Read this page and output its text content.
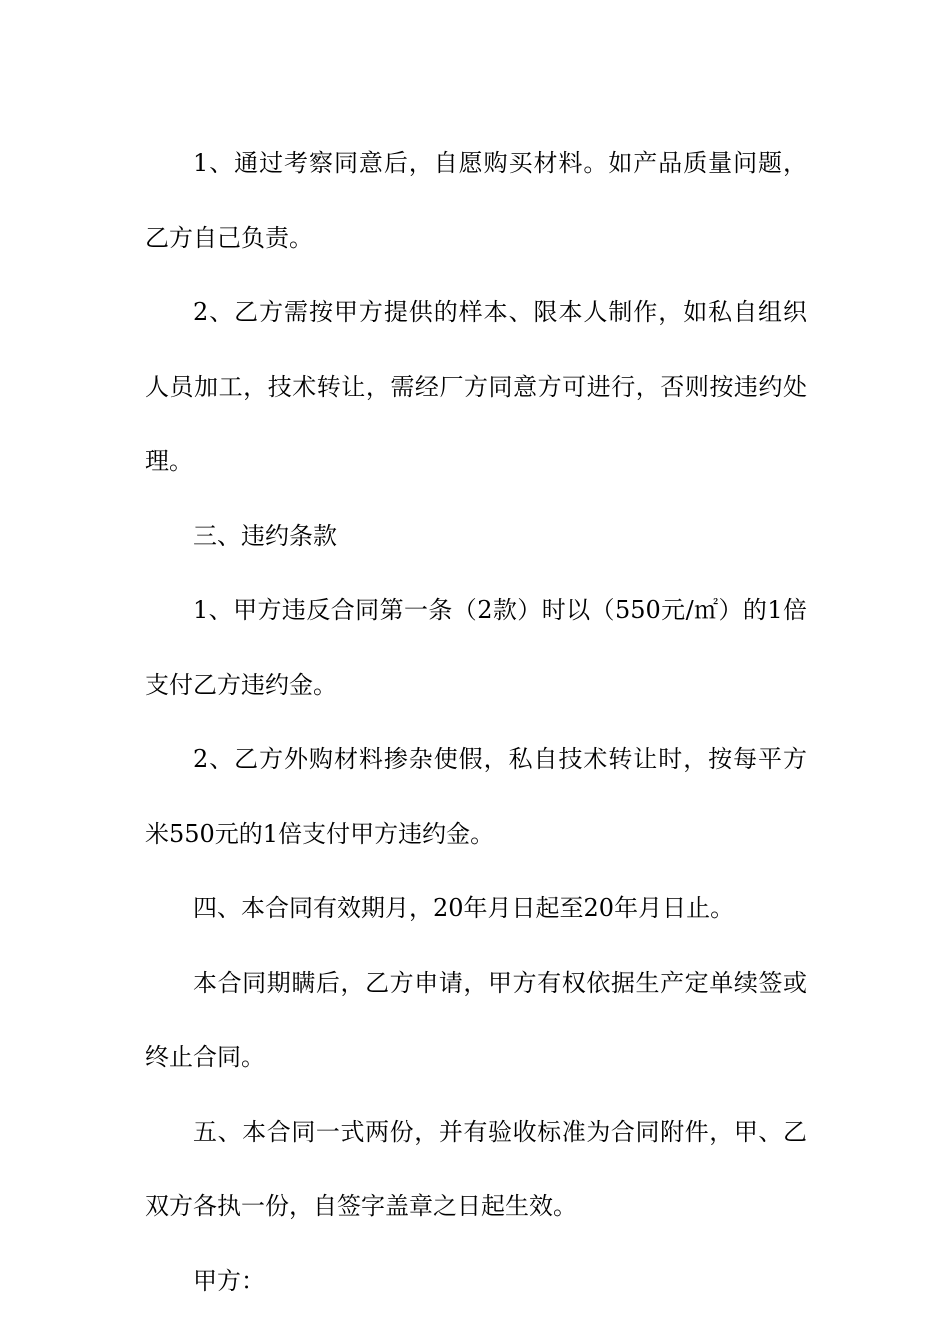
1、通过考察同意后，自愿购买材料。如产品质量问题，乙方自己负责。

2、乙方需按甲方提供的样本、限本人制作，如私自组织人员加工，技术转让，需经厂方同意方可进行，否则按违约处理。

三、违约条款

1、甲方违反合同第一条（2款）时以（550元/㎡）的1倍支付乙方违约金。

2、乙方外购材料掺杂使假，私自技术转让时，按每平方米550元的1倍支付甲方违约金。

四、本合同有效期月，20年月日起至20年月日止。

本合同期瞒后，乙方申请，甲方有权依据生产定单续签或终止合同。

五、本合同一式两份，并有验收标准为合同附件，甲、乙双方各执一份，自签字盖章之日起生效。

甲方：
